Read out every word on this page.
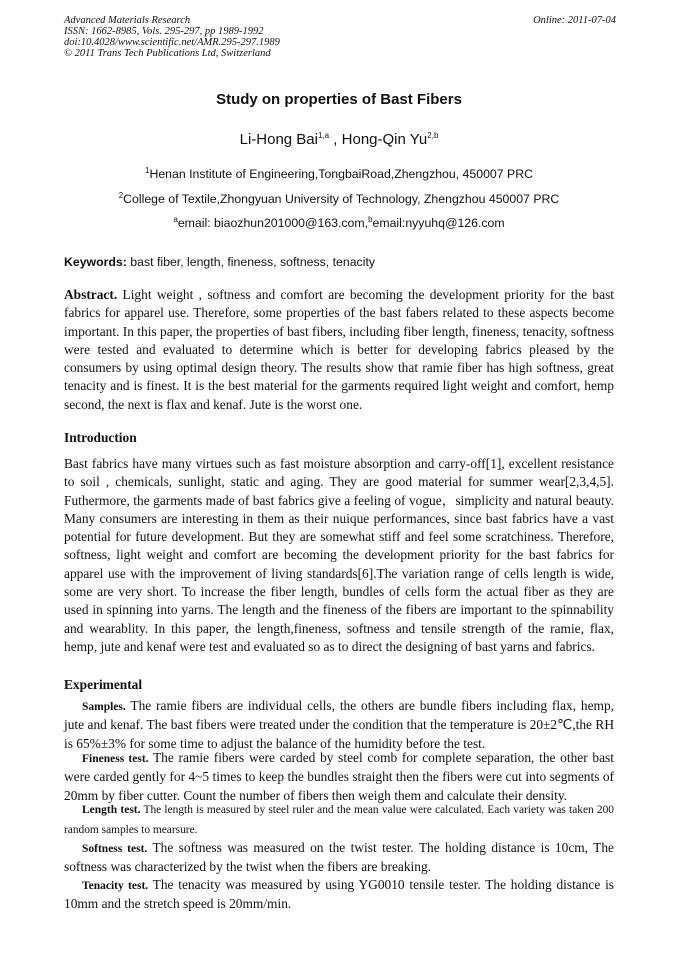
Advanced Materials Research
ISSN: 1662-8985, Vols. 295-297, pp 1989-1992
doi:10.4028/www.scientific.net/AMR.295-297.1989
© 2011 Trans Tech Publications Ltd, Switzerland
Online: 2011-07-04
Study on properties of Bast Fibers
Li-Hong Bai$^{1,a}$ , Hong-Qin Yu$^{2,b}$
$^1$Henan Institute of Engineering,TongbaiRoad,Zhengzhou, 450007 PRC
$^2$College of Textile,Zhongyuan University of Technology, Zhengzhou 450007 PRC
$^a$email: biaozhun201000@163.com,$^b$email:nyyuhq@126.com
Keywords: bast fiber, length, fineness, softness, tenacity
Abstract. Light weight , softness and comfort are becoming the development priority for the bast fabrics for apparel use. Therefore, some properties of the bast fabers related to these aspects become important. In this paper, the properties of bast fibers, including fiber length, fineness, tenacity, softness were tested and evaluated to determine which is better for developing fabrics pleased by the consumers by using optimal design theory. The results show that ramie fiber has high softness, great tenacity and is finest. It is the best material for the garments required light weight and comfort, hemp second, the next is flax and kenaf. Jute is the worst one.
Introduction
Bast fabrics have many virtues such as fast moisture absorption and carry-off[1], excellent resistance to soil , chemicals, sunlight, static and aging. They are good material for summer wear[2,3,4,5]. Futhermore, the garments made of bast fabrics give a feeling of vogue，simplicity and natural beauty. Many consumers are interesting in them as their nuique performances, since bast fabrics have a vast potential for future development. But they are somewhat stiff and feel some scratchiness. Therefore, softness, light weight and comfort are becoming the development priority for the bast fabrics for apparel use with the improvement of living standards[6].The variation range of cells length is wide, some are very short. To increase the fiber length, bundles of cells form the actual fiber as they are used in spinning into yarns. The length and the fineness of the fibers are important to the spinnability and wearablity. In this paper, the length,fineness, softness and tensile strength of the ramie, flax, hemp, jute and kenaf were test and evaluated so as to direct the designing of bast yarns and fabrics.
Experimental
Samples. The ramie fibers are individual cells, the others are bundle fibers including flax, hemp, jute and kenaf. The bast fibers were treated under the condition that the temperature is 20±2℃,the RH is 65%±3% for some time to adjust the balance of the humidity before the test.
Fineness test. The ramie fibers were carded by steel comb for complete separation, the other bast were carded gently for 4~5 times to keep the bundles straight then the fibers were cut into segments of 20mm by fiber cutter. Count the number of fibers then weigh them and calculate their density.
Length test. The length is measured by steel ruler and the mean value were calculated. Each variety was taken 200 random samples to mearsure.
Softness test. The softness was measured on the twist tester. The holding distance is 10cm, The softness was characterized by the twist when the fibers are breaking.
Tenacity test. The tenacity was measured by using YG0010 tensile tester. The holding distance is 10mm and the stretch speed is 20mm/min.
